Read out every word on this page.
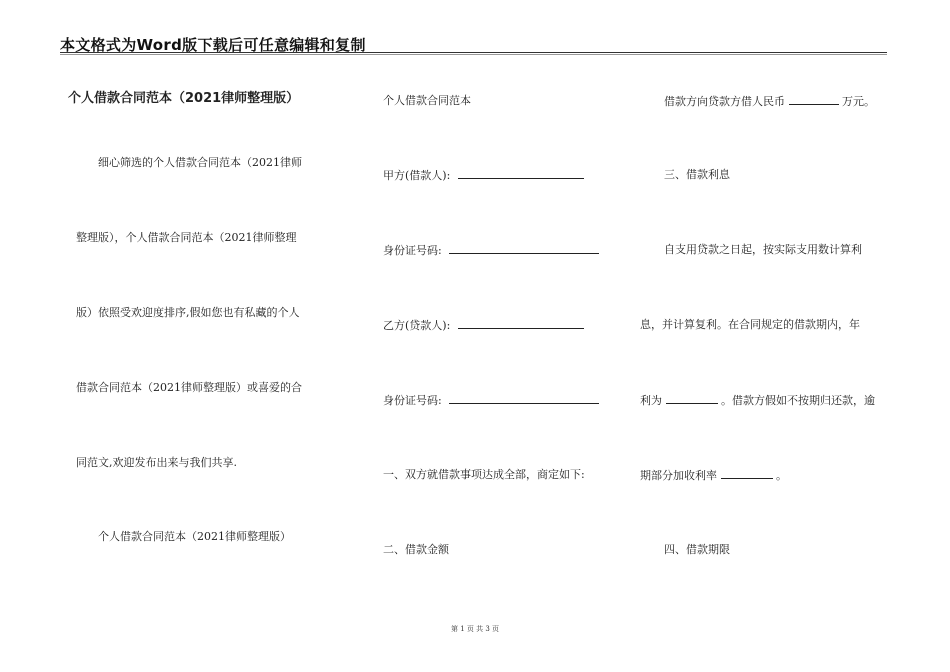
本文格式为Word版下载后可任意编辑和复制
个人借款合同范本（2021律师整理版）
细心筛选的个人借款合同范本（2021律师
整理版），个人借款合同范本（2021律师整理
版）依照受欢迎度排序,假如您也有私藏的个人
借款合同范本（2021律师整理版）或喜爱的合
同范文,欢迎发布出来与我们共享.
个人借款合同范本（2021律师整理版）
个人借款合同范本
甲方(借款人):
身份证号码:
乙方(贷款人):
身份证号码:
一、双方就借款事项达成全部，商定如下:
二、借款金额
借款方向贷款方借人民币	万元。
三、借款利息
自支用贷款之日起，按实际支用数计算利
息，并计算复利。在合同规定的借款期内，年
利为	。借款方假如不按期归还款，逾
期部分加收利率	。
四、借款期限
第 1 页 共 3 页
